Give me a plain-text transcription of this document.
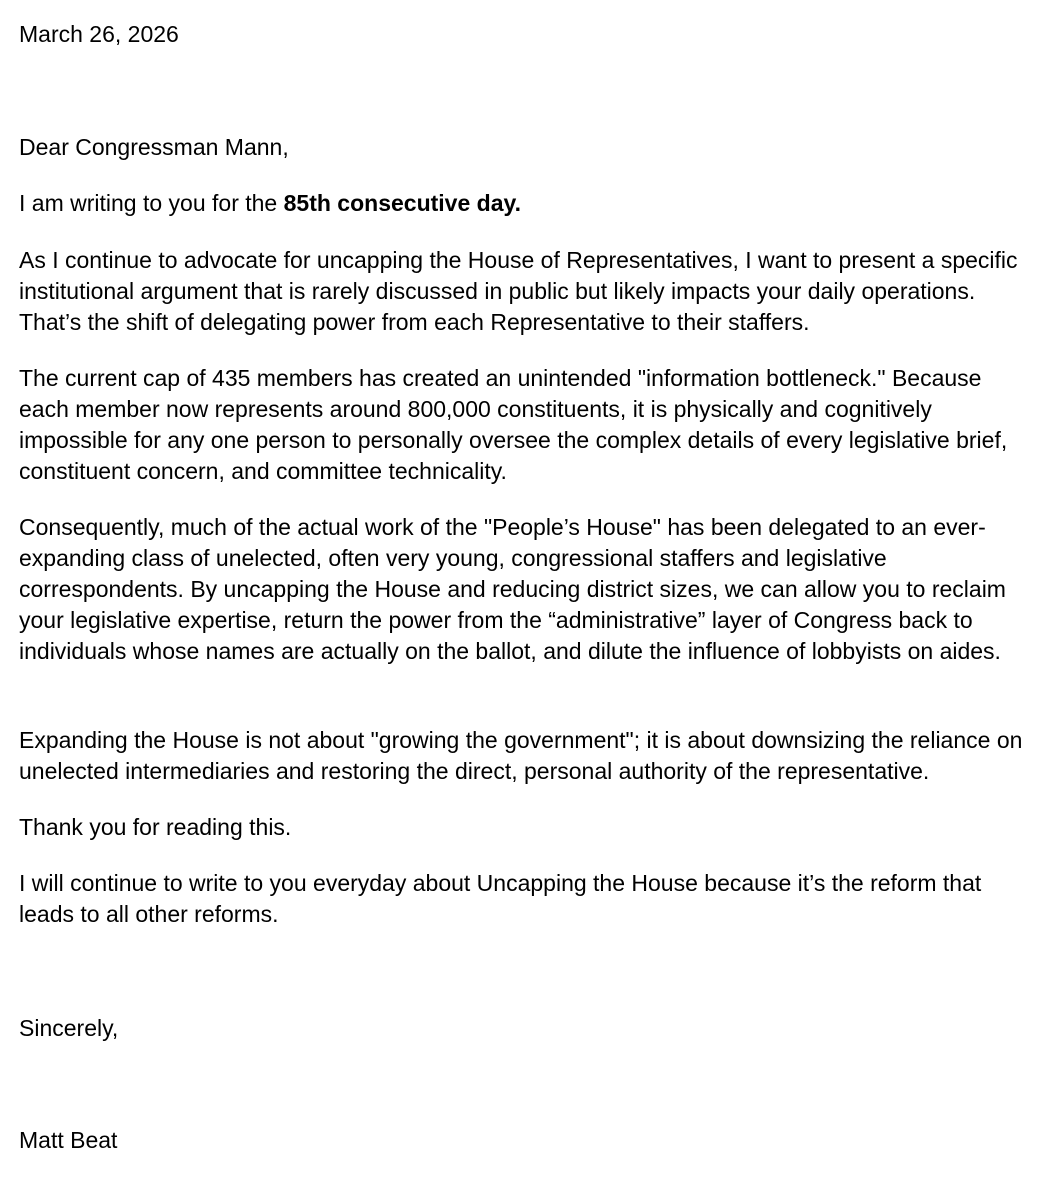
March 26, 2026

Dear Congressman Mann,

I am writing to you for the 85th consecutive day.

As I continue to advocate for uncapping the House of Representatives, I want to present a specific institutional argument that is rarely discussed in public but likely impacts your daily operations. That’s the shift of delegating power from each Representative to their staffers.

The current cap of 435 members has created an unintended "information bottleneck." Because each member now represents around 800,000 constituents, it is physically and cognitively impossible for any one person to personally oversee the complex details of every legislative brief, constituent concern, and committee technicality.

Consequently, much of the actual work of the "People’s House" has been delegated to an ever-expanding class of unelected, often very young, congressional staffers and legislative correspondents. By uncapping the House and reducing district sizes, we can allow you to reclaim your legislative expertise, return the power from the “administrative” layer of Congress back to individuals whose names are actually on the ballot, and dilute the influence of lobbyists on aides.

Expanding the House is not about "growing the government"; it is about downsizing the reliance on unelected intermediaries and restoring the direct, personal authority of the representative.

Thank you for reading this.

I will continue to write to you everyday about Uncapping the House because it’s the reform that leads to all other reforms.

Sincerely,

Matt Beat
